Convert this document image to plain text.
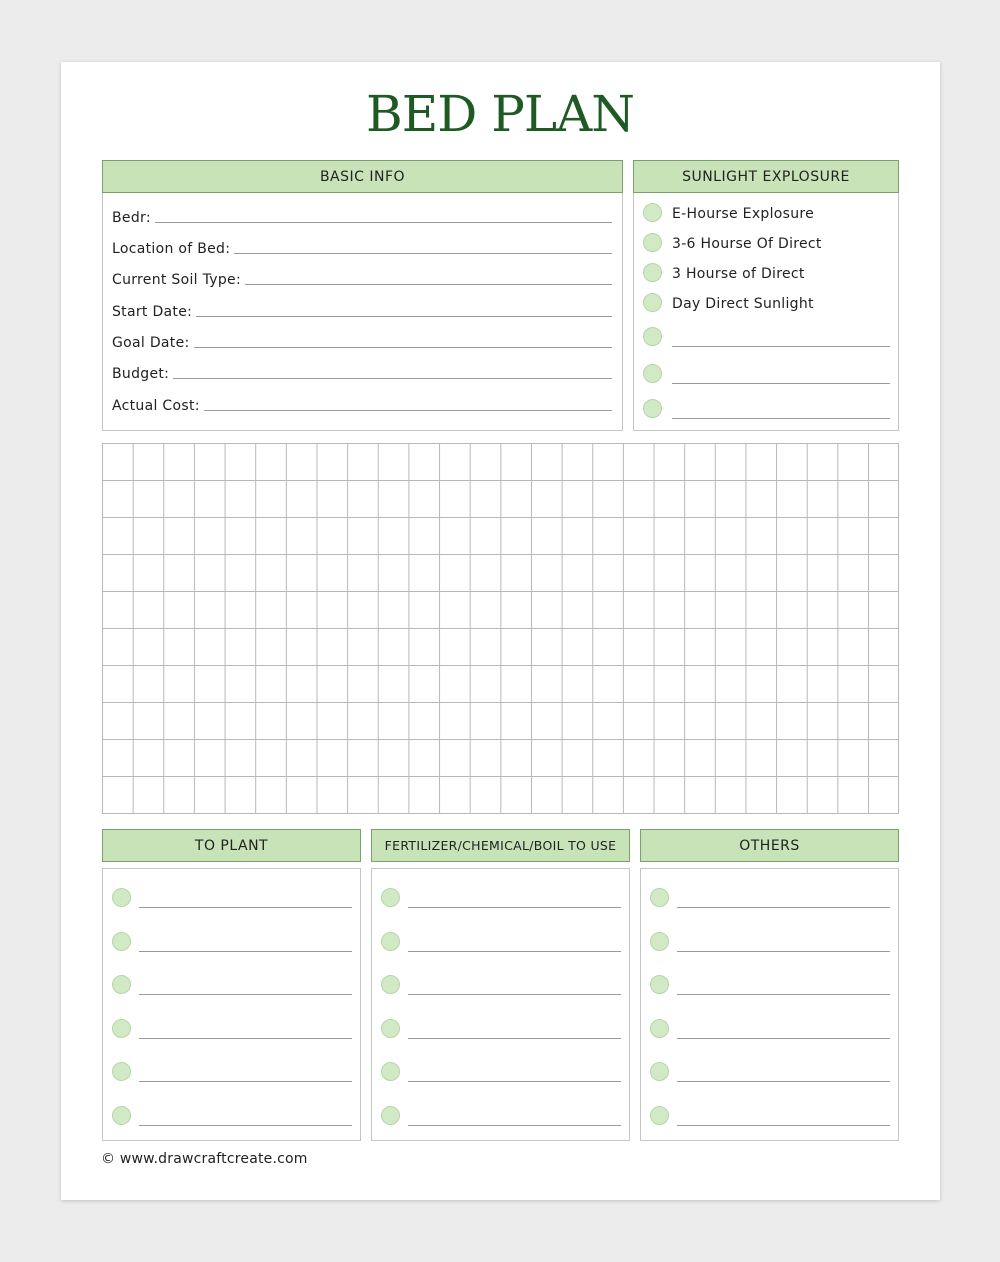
BED PLAN
BASIC INFO
Bedr:
Location of Bed:
Current Soil Type:
Start Date:
Goal Date:
Budget:
Actual Cost:
SUNLIGHT EXPLOSURE
E-Hourse Explosure
3-6 Hourse Of Direct
3 Hourse of Direct
Day Direct Sunlight
TO PLANT	FERTILIZER/CHEMICAL/BOIL TO USE	OTHERS
© www.drawcraftcreate.com
